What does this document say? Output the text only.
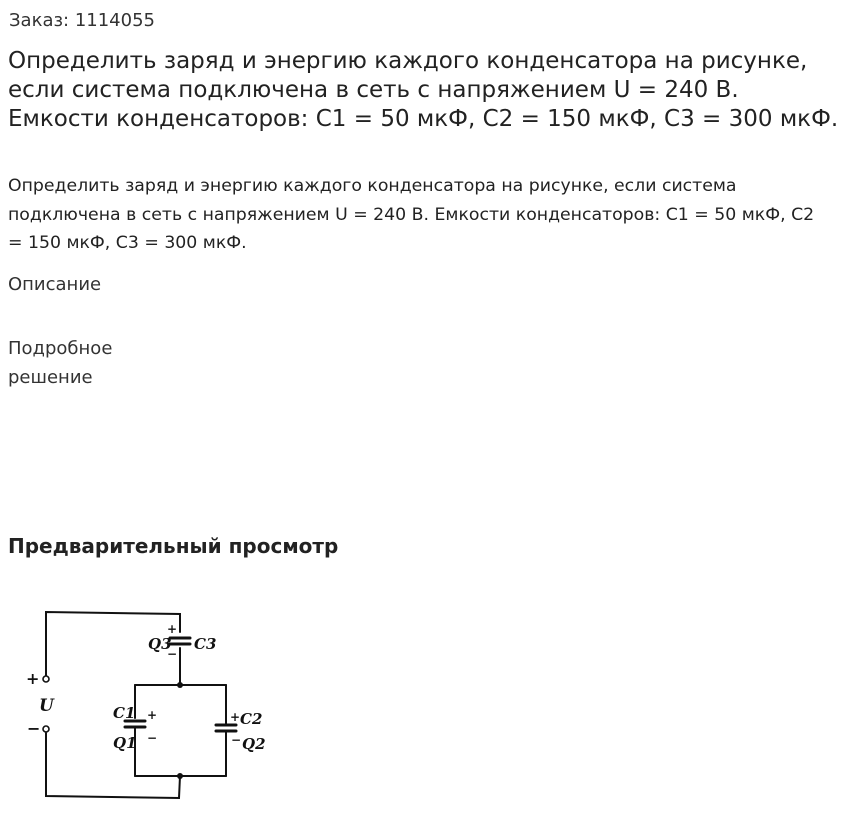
Заказ: 1114055
Определить заряд и энергию каждого конденсатора на рисунке, если система подключена в сеть с напряжением U = 240 В. Емкости конденсаторов: С1 = 50 мкФ, С2 = 150 мкФ, С3 = 300 мкФ.

Определить заряд и энергию каждого конденсатора на рисунке, если система подключена в сеть с напряжением U = 240 В. Емкости конденсаторов: С1 = 50 мкФ, С2 = 150 мкФ, С3 = 300 мкФ.

Описание
Подробное решение
Предварительный просмотр
+
−
U
+
−
Q3 C3
C1 +
−
Q1
+ C2
− Q2
